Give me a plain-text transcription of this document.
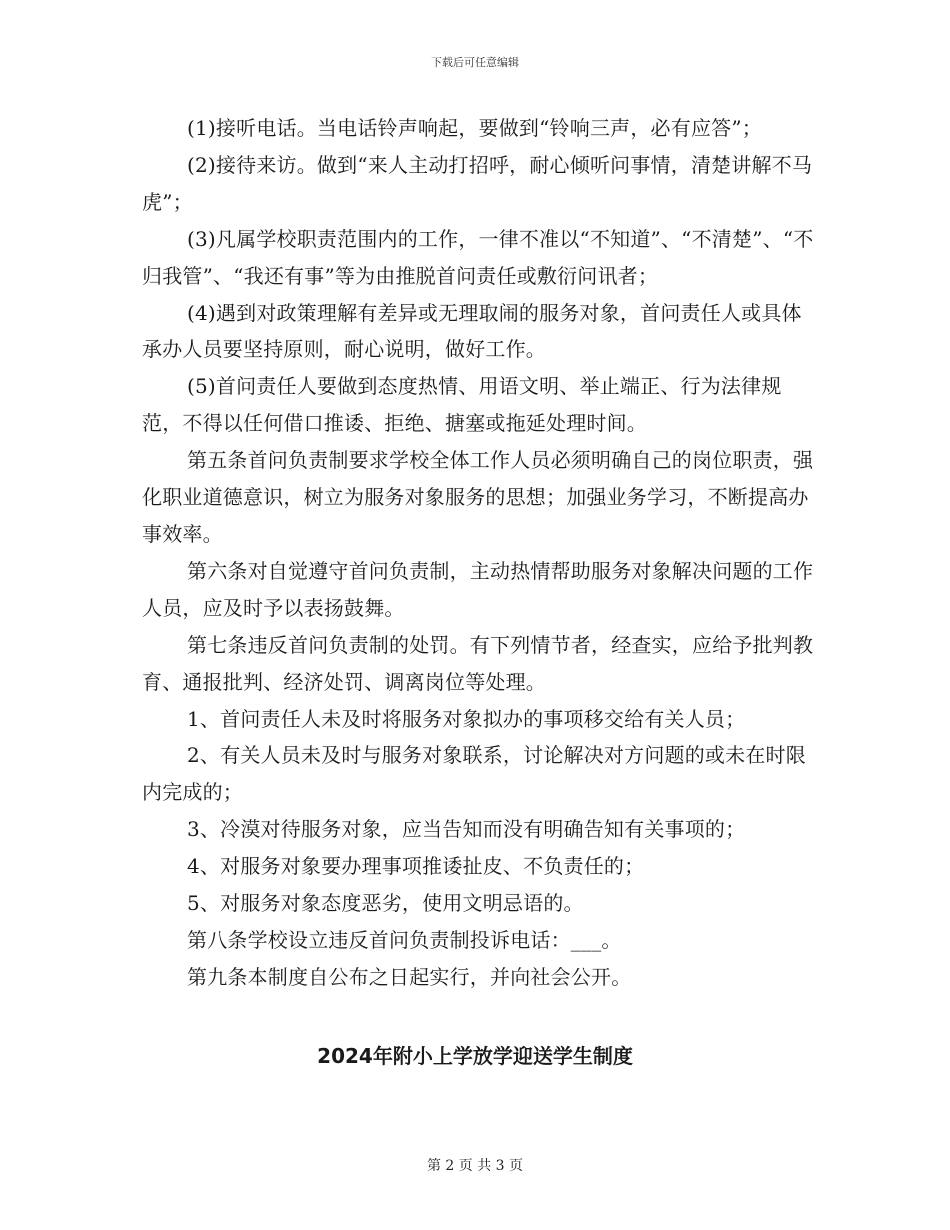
下载后可任意编辑

(1)接听电话。当电话铃声响起，要做到“铃响三声，必有应答”；

(2)接待来访。做到“来人主动打招呼，耐心倾听问事情，清楚讲解不马虎”；

(3)凡属学校职责范围内的工作，一律不准以“不知道”、“不清楚”、“不归我管”、“我还有事”等为由推脱首问责任或敷衍问讯者；

(4)遇到对政策理解有差异或无理取闹的服务对象，首问责任人或具体承办人员要坚持原则，耐心说明，做好工作。

(5)首问责任人要做到态度热情、用语文明、举止端正、行为法律规范，不得以任何借口推诿、拒绝、搪塞或拖延处理时间。

第五条首问负责制要求学校全体工作人员必须明确自己的岗位职责，强化职业道德意识，树立为服务对象服务的思想；加强业务学习，不断提高办事效率。

第六条对自觉遵守首问负责制，主动热情帮助服务对象解决问题的工作人员，应及时予以表扬鼓舞。

第七条违反首问负责制的处罚。有下列情节者，经查实，应给予批判教育、通报批判、经济处罚、调离岗位等处理。

1、首问责任人未及时将服务对象拟办的事项移交给有关人员；

2、有关人员未及时与服务对象联系，讨论解决对方问题的或未在时限内完成的；

3、冷漠对待服务对象，应当告知而没有明确告知有关事项的；

4、对服务对象要办理事项推诿扯皮、不负责任的；

5、对服务对象态度恶劣，使用文明忌语的。

第八条学校设立违反首问负责制投诉电话：___。

第九条本制度自公布之日起实行，并向社会公开。

2024年附小上学放学迎送学生制度
第 2 页 共 3 页
